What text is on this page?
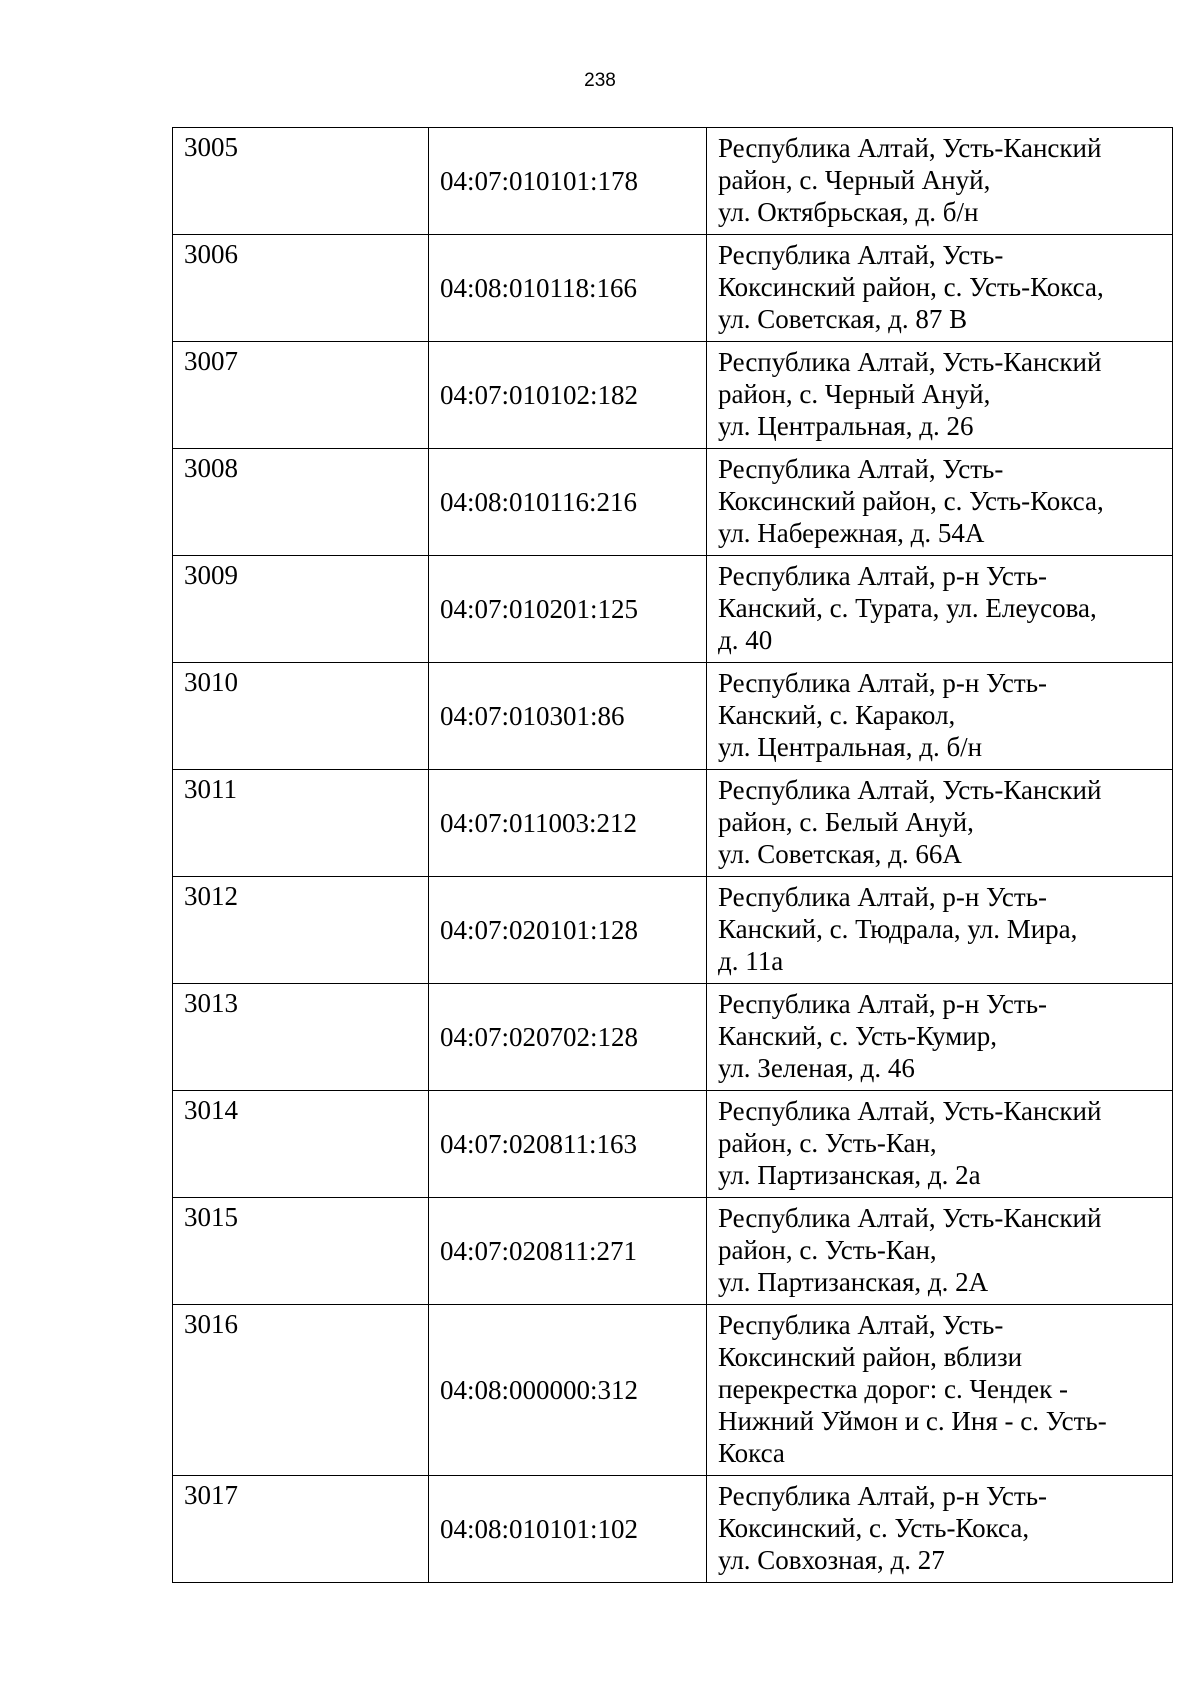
238
3005	04:07:010101:178	Республика Алтай, Усть-Канский
район, с. Черный Ануй,
ул. Октябрьская, д. б/н

3006	04:08:010118:166	Республика Алтай, Усть-
Коксинский район, с. Усть-Кокса,
ул. Советская, д. 87 В

3007	04:07:010102:182	Республика Алтай, Усть-Канский
район, с. Черный Ануй,
ул. Центральная, д. 26

3008	04:08:010116:216	Республика Алтай, Усть-
Коксинский район, с. Усть-Кокса,
ул. Набережная, д. 54А

3009	04:07:010201:125	Республика Алтай, р-н Усть-
Канский, с. Турата, ул. Елеусова,
д. 40

3010	04:07:010301:86	Республика Алтай, р-н Усть-
Канский, с. Каракол,
ул. Центральная, д. б/н

3011	04:07:011003:212	Республика Алтай, Усть-Канский
район, с. Белый Ануй,
ул. Советская, д. 66А

3012	04:07:020101:128	Республика Алтай, р-н Усть-
Канский, с. Тюдрала, ул. Мира,
д. 11а

3013	04:07:020702:128	Республика Алтай, р-н Усть-
Канский, с. Усть-Кумир,
ул. Зеленая, д. 46

3014	04:07:020811:163	Республика Алтай, Усть-Канский
район, с. Усть-Кан,
ул. Партизанская, д. 2а

3015	04:07:020811:271	Республика Алтай, Усть-Канский
район, с. Усть-Кан,
ул. Партизанская, д. 2А

3016	04:08:000000:312	Республика Алтай, Усть-
Коксинский район, вблизи
перекрестка дорог: с. Чендек -
Нижний Уймон и с. Иня - с. Усть-
Кокса

3017	04:08:010101:102	Республика Алтай, р-н Усть-
Коксинский, с. Усть-Кокса,
ул. Совхозная, д. 27
